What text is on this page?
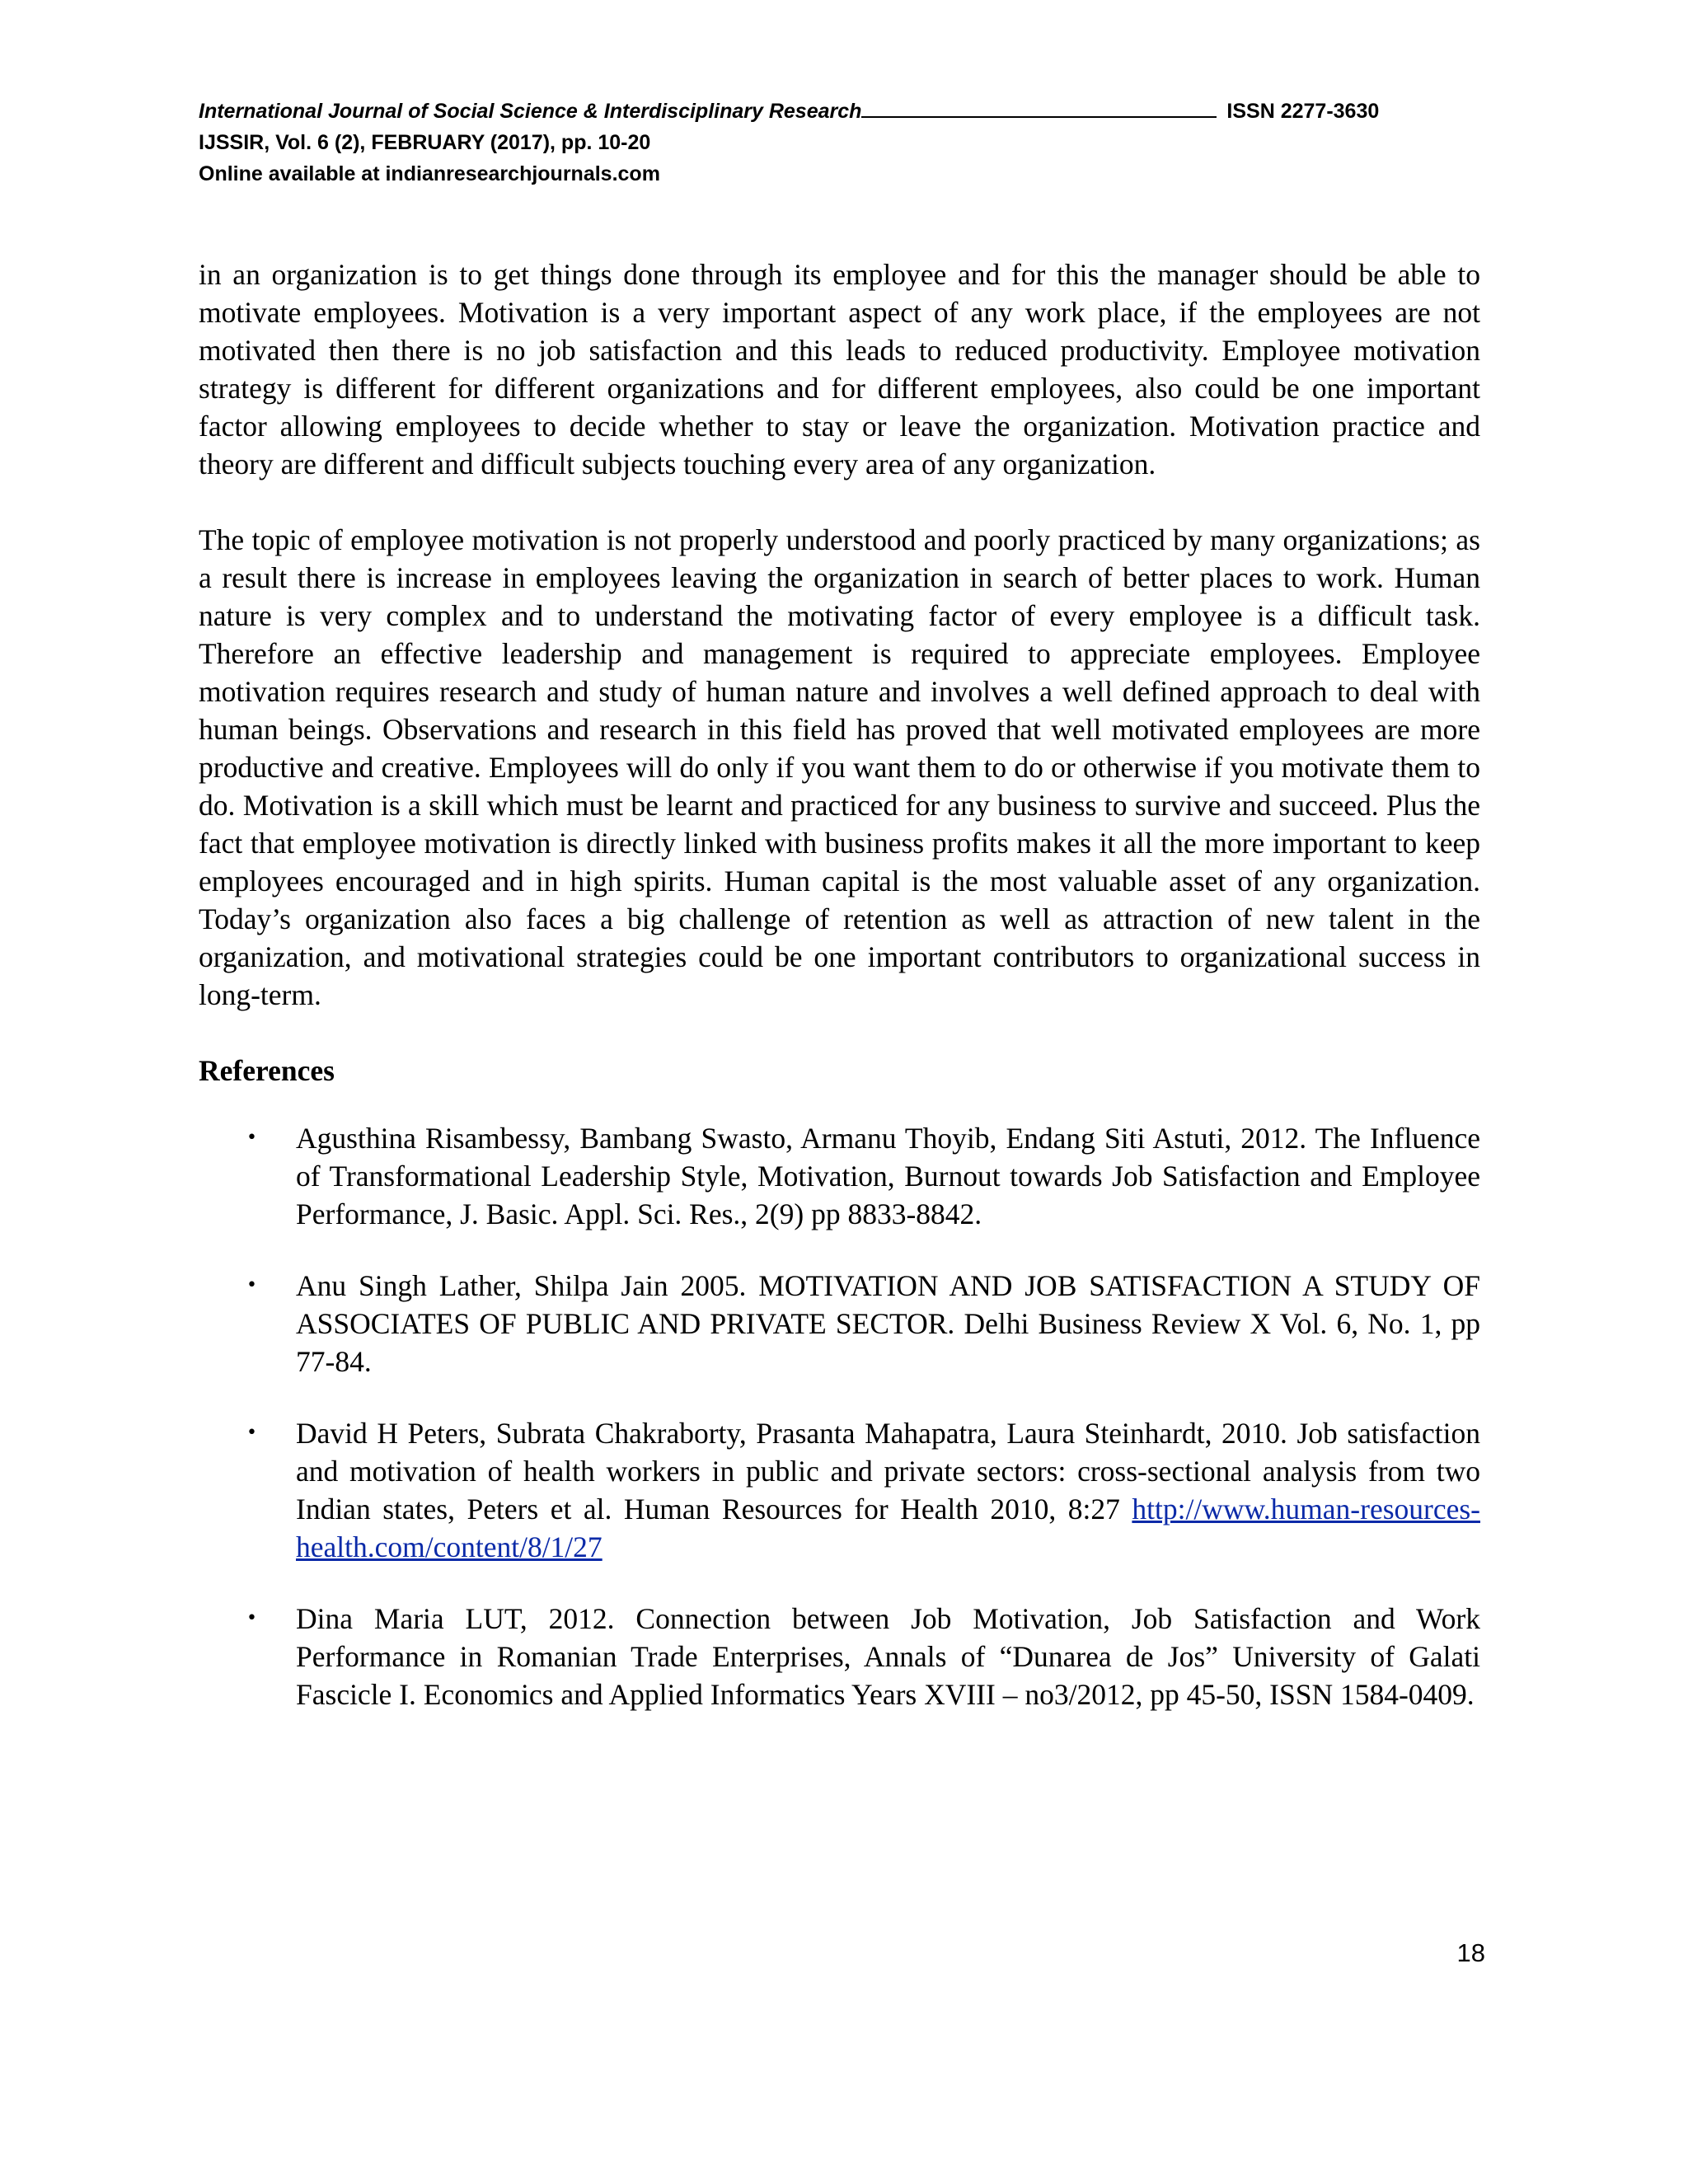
International Journal of Social Science & Interdisciplinary Research	ISSN 2277-3630
IJSSIR, Vol. 6 (2), FEBRUARY (2017), pp. 10-20
Online available at indianresearchjournals.com

in an organization is to get things done through its employee and for this the manager should be able to motivate employees. Motivation is a very important aspect of any work place, if the employees are not motivated then there is no job satisfaction and this leads to reduced productivity. Employee motivation strategy is different for different organizations and for different employees, also could be one important factor allowing employees to decide whether to stay or leave the organization. Motivation practice and theory are different and difficult subjects touching every area of any organization.

The topic of employee motivation is not properly understood and poorly practiced by many organizations; as a result there is increase in employees leaving the organization in search of better places to work. Human nature is very complex and to understand the motivating factor of every employee is a difficult task. Therefore an effective leadership and management is required to appreciate employees. Employee motivation requires research and study of human nature and involves a well defined approach to deal with human beings. Observations and research in this field has proved that well motivated employees are more productive and creative. Employees will do only if you want them to do or otherwise if you motivate them to do. Motivation is a skill which must be learnt and practiced for any business to survive and succeed. Plus the fact that employee motivation is directly linked with business profits makes it all the more important to keep employees encouraged and in high spirits. Human capital is the most valuable asset of any organization. Today’s organization also faces a big challenge of retention as well as attraction of new talent in the organization, and motivational strategies could be one important contributors to organizational success in long-term.

References
• Agusthina Risambessy, Bambang Swasto, Armanu Thoyib, Endang Siti Astuti, 2012. The Influence of Transformational Leadership Style, Motivation, Burnout towards Job Satisfaction and Employee Performance, J. Basic. Appl. Sci. Res., 2(9) pp 8833-8842.
• Anu Singh Lather, Shilpa Jain 2005. MOTIVATION AND JOB SATISFACTION A STUDY OF ASSOCIATES OF PUBLIC AND PRIVATE SECTOR. Delhi Business Review X Vol. 6, No. 1, pp 77-84.
• David H Peters, Subrata Chakraborty, Prasanta Mahapatra, Laura Steinhardt, 2010. Job satisfaction and motivation of health workers in public and private sectors: cross-sectional analysis from two Indian states, Peters et al. Human Resources for Health 2010, 8:27 http://www.human-resources-health.com/content/8/1/27
• Dina Maria LUT, 2012. Connection between Job Motivation, Job Satisfaction and Work Performance in Romanian Trade Enterprises, Annals of “Dunarea de Jos” University of Galati Fascicle I. Economics and Applied Informatics Years XVIII – no3/2012, pp 45-50, ISSN 1584-0409.
18
